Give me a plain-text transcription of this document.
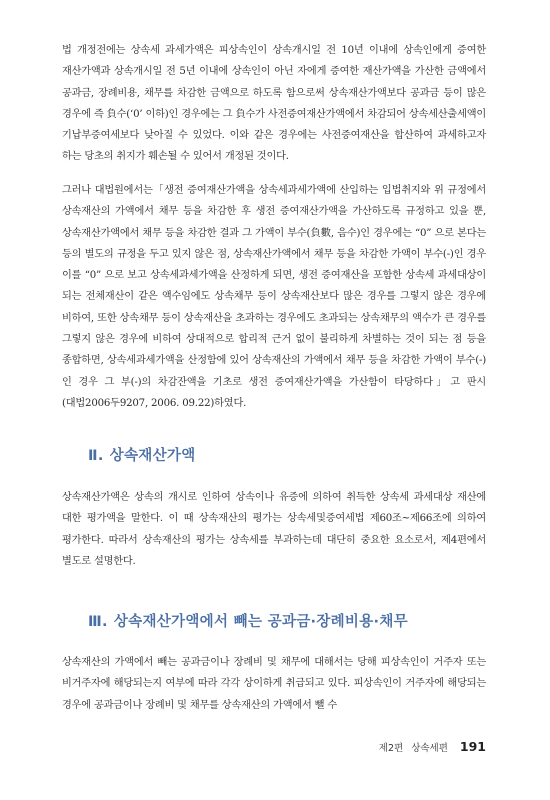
법 개정전에는 상속세 과세가액은 피상속인이 상속개시일 전 10년 이내에 상속인에게 증여한 재산가액과 상속개시일 전 5년 이내에 상속인이 아닌 자에게 증여한 재산가액을 가산한 금액에서 공과금, 장례비용, 채무를 차감한 금액으로 하도록 함으로써 상속재산가액보다 공과금 등이 많은 경우에 즉 負수(‘0’ 이하)인 경우에는 그 負수가 사전증여재산가액에서 차감되어 상속세산출세액이 기납부증여세보다 낮아질 수 있었다. 이와 같은 경우에는 사전증여재산을 합산하여 과세하고자 하는 당초의 취지가 훼손될 수 있어서 개정된 것이다.

그러나 대법원에서는「생전 증여재산가액을 상속세과세가액에 산입하는 입법취지와 위 규정에서 상속재산의 가액에서 채무 등을 차감한 후 생전 증여재산가액을 가산하도록 규정하고 있을 뿐, 상속재산가액에서 채무 등을 차감한 결과 그 가액이 부수(負數, 음수)인 경우에는 “0” 으로 본다는 등의 별도의 규정을 두고 있지 않은 점, 상속재산가액에서 채무 등을 차감한 가액이 부수(-)인 경우 이를 “0” 으로 보고 상속세과세가액을 산정하게 되면, 생전 증여재산을 포함한 상속세 과세대상이 되는 전체재산이 같은 액수임에도 상속채무 등이 상속재산보다 많은 경우를 그렇지 않은 경우에 비하여, 또한 상속채무 등이 상속재산을 초과하는 경우에도 초과되는 상속채무의 액수가 큰 경우를 그렇지 않은 경우에 비하여 상대적으로 합리적 근거 없이 불리하게 차별하는 것이 되는 점 등을 종합하면, 상속세과세가액을 산정함에 있어 상속재산의 가액에서 채무 등을 차감한 가액이 부수(-)인 경우 그 부(-)의 차감잔액을 기초로 생전 증여재산가액을 가산함이 타당하다」고 판시(대법2006두9207, 2006. 09.22)하였다.

Ⅱ. 상속재산가액

상속재산가액은 상속의 개시로 인하여 상속이나 유증에 의하여 취득한 상속세 과세대상 재산에 대한 평가액을 말한다. 이 때 상속재산의 평가는 상속세및증여세법 제60조~제66조에 의하여 평가한다. 따라서 상속재산의 평가는 상속세를 부과하는데 대단히 중요한 요소로서, 제4편에서 별도로 설명한다.

Ⅲ. 상속재산가액에서 빼는 공과금·장례비용·채무

상속재산의 가액에서 빼는 공과금이나 장례비 및 채무에 대해서는 당해 피상속인이 거주자 또는 비거주자에 해당되는지 여부에 따라 각각 상이하게 취급되고 있다. 피상속인이 거주자에 해당되는 경우에 공과금이나 장례비 및 채무를 상속재산의 가액에서 뺄 수

제2편 상속세편 191
